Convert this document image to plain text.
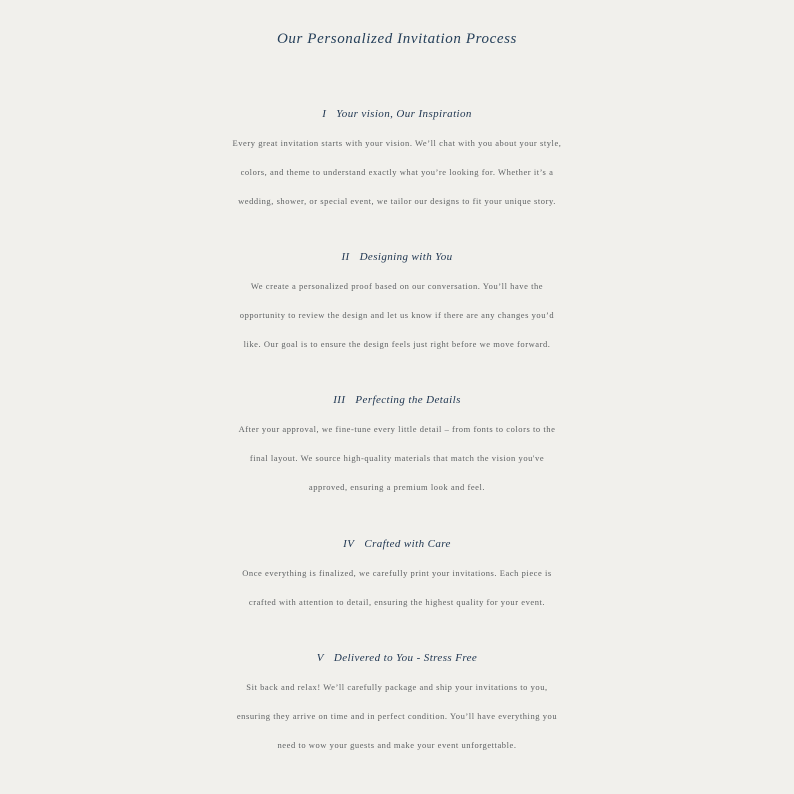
Our Personalized Invitation Process
I Your vision, Our Inspiration
Every great invitation starts with your vision. We’ll chat with you about your style,
colors, and theme to understand exactly what you’re looking for. Whether it’s a
wedding, shower, or special event, we tailor our designs to fit your unique story.
II Designing with You
We create a personalized proof based on our conversation. You’ll have the
opportunity to review the design and let us know if there are any changes you’d
like. Our goal is to ensure the design feels just right before we move forward.
III Perfecting the Details
After your approval, we fine-tune every little detail – from fonts to colors to the
final layout. We source high-quality materials that match the vision you've
approved, ensuring a premium look and feel.
IV Crafted with Care
Once everything is finalized, we carefully print your invitations. Each piece is
crafted with attention to detail, ensuring the highest quality for your event.
V Delivered to You - Stress Free
Sit back and relax! We’ll carefully package and ship your invitations to you,
ensuring they arrive on time and in perfect condition. You’ll have everything you
need to wow your guests and make your event unforgettable.
